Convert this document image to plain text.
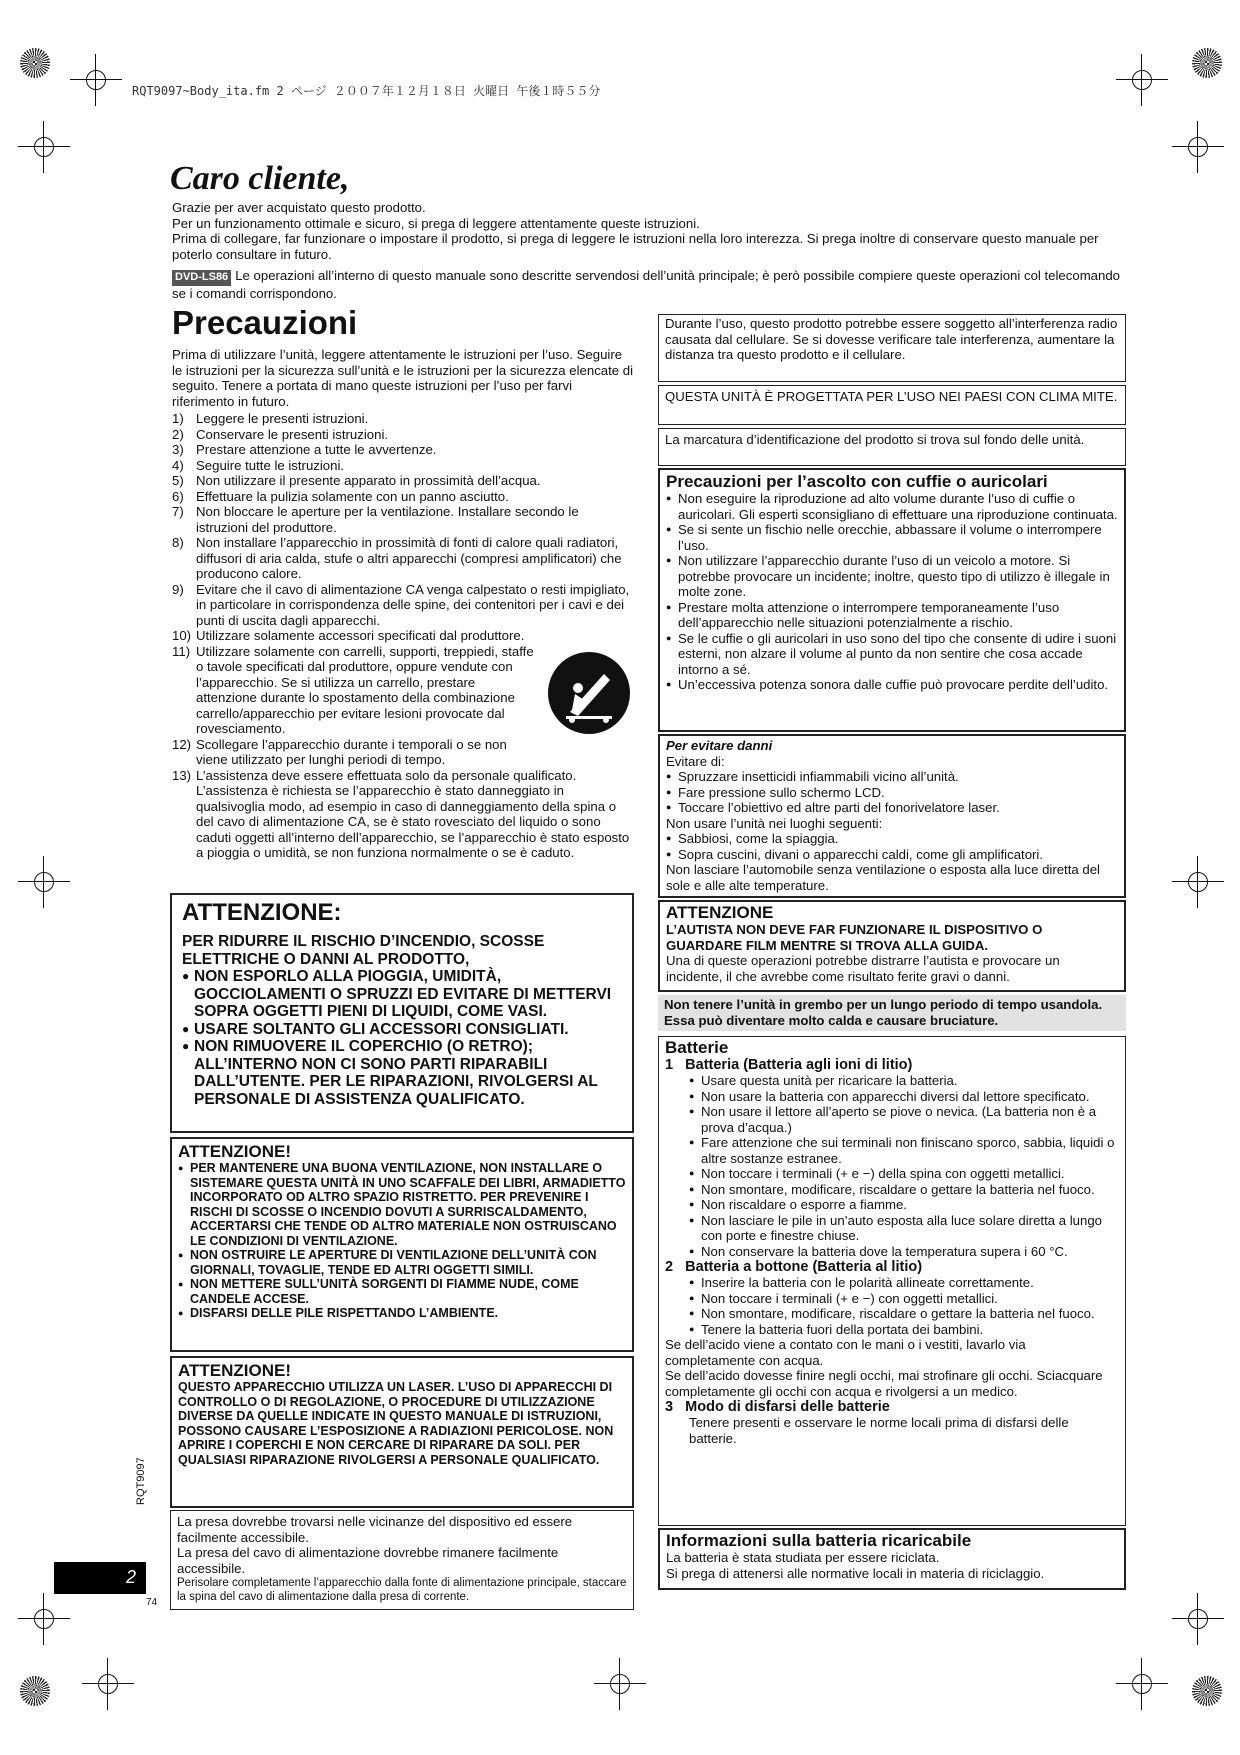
RQT9097~Body_ita.fm 2 ページ ２００７年１２月１８日 火曜日 午後１時５５分
Caro cliente,
Grazie per aver acquistato questo prodotto.
Per un funzionamento ottimale e sicuro, si prega di leggere attentamente queste istruzioni.
Prima di collegare, far funzionare o impostare il prodotto, si prega di leggere le istruzioni nella loro interezza. Si prega inoltre di conservare questo manuale per poterlo consultare in futuro.
DVD-LS86 Le operazioni all’interno di questo manuale sono descritte servendosi dell’unità principale; è però possibile compiere queste operazioni col telecomando se i comandi corrispondono.
Precauzioni
Prima di utilizzare l’unità, leggere attentamente le istruzioni per l’uso. Seguire le istruzioni per la sicurezza sull’unità e le istruzioni per la sicurezza elencate di seguito. Tenere a portata di mano queste istruzioni per l’uso per farvi riferimento in futuro.
1) Leggere le presenti istruzioni.
2) Conservare le presenti istruzioni.
3) Prestare attenzione a tutte le avvertenze.
4) Seguire tutte le istruzioni.
5) Non utilizzare il presente apparato in prossimità dell’acqua.
6) Effettuare la pulizia solamente con un panno asciutto.
7) Non bloccare le aperture per la ventilazione. Installare secondo le istruzioni del produttore.
8) Non installare l’apparecchio in prossimità di fonti di calore quali radiatori, diffusori di aria calda, stufe o altri apparecchi (compresi amplificatori) che producono calore.
9) Evitare che il cavo di alimentazione CA venga calpestato o resti impigliato, in particolare in corrispondenza delle spine, dei contenitori per i cavi e dei punti di uscita dagli apparecchi.
10) Utilizzare solamente accessori specificati dal produttore.
11) Utilizzare solamente con carrelli, supporti, treppiedi, staffe o tavole specificati dal produttore, oppure vendute con l’apparecchio. Se si utilizza un carrello, prestare attenzione durante lo spostamento della combinazione carrello/apparecchio per evitare lesioni provocate dal rovesciamento.
12) Scollegare l’apparecchio durante i temporali o se non viene utilizzato per lunghi periodi di tempo.
13) L’assistenza deve essere effettuata solo da personale qualificato. L’assistenza è richiesta se l’apparecchio è stato danneggiato in qualsivoglia modo, ad esempio in caso di danneggiamento della spina o del cavo di alimentazione CA, se è stato rovesciato del liquido o sono caduti oggetti all’interno dell’apparecchio, se l’apparecchio è stato esposto a pioggia o umidità, se non funziona normalmente o se è caduto.
ATTENZIONE:
PER RIDURRE IL RISCHIO D’INCENDIO, SCOSSE ELETTRICHE O DANNI AL PRODOTTO,
● NON ESPORLO ALLA PIOGGIA, UMIDITÀ, GOCCIOLAMENTI O SPRUZZI ED EVITARE DI METTERVI SOPRA OGGETTI PIENI DI LIQUIDI, COME VASI.
● USARE SOLTANTO GLI ACCESSORI CONSIGLIATI.
● NON RIMUOVERE IL COPERCHIO (O RETRO); ALL’INTERNO NON CI SONO PARTI RIPARABILI DALL’UTENTE. PER LE RIPARAZIONI, RIVOLGERSI AL PERSONALE DI ASSISTENZA QUALIFICATO.
ATTENZIONE!
● PER MANTENERE UNA BUONA VENTILAZIONE, NON INSTALLARE O SISTEMARE QUESTA UNITÀ IN UNO SCAFFALE DEI LIBRI, ARMADIETTO INCORPORATO OD ALTRO SPAZIO RISTRETTO. PER PREVENIRE I RISCHI DI SCOSSE O INCENDIO DOVUTI A SURRISCALDAMENTO, ACCERTARSI CHE TENDE OD ALTRO MATERIALE NON OSTRUISCANO LE CONDIZIONI DI VENTILAZIONE.
● NON OSTRUIRE LE APERTURE DI VENTILAZIONE DELL’UNITÀ CON GIORNALI, TOVAGLIE, TENDE ED ALTRI OGGETTI SIMILI.
● NON METTERE SULL’UNITÀ SORGENTI DI FIAMME NUDE, COME CANDELE ACCESE.
● DISFARSI DELLE PILE RISPETTANDO L’AMBIENTE.
ATTENZIONE!
QUESTO APPARECCHIO UTILIZZA UN LASER. L’USO DI APPARECCHI DI CONTROLLO O DI REGOLAZIONE, O PROCEDURE DI UTILIZZAZIONE DIVERSE DA QUELLE INDICATE IN QUESTO MANUALE DI ISTRUZIONI, POSSONO CAUSARE L’ESPOSIZIONE A RADIAZIONI PERICOLOSE. NON APRIRE I COPERCHI E NON CERCARE DI RIPARARE DA SOLI. PER QUALSIASI RIPARAZIONE RIVOLGERSI A PERSONALE QUALIFICATO.
La presa dovrebbe trovarsi nelle vicinanze del dispositivo ed essere facilmente accessibile.
La presa del cavo di alimentazione dovrebbe rimanere facilmente accessibile.
Perisolare completamente l’apparecchio dalla fonte di alimentazione principale, staccare la spina del cavo di alimentazione dalla presa di corrente.
RQT9097
2
74
Durante l’uso, questo prodotto potrebbe essere soggetto all’interferenza radio causata dal cellulare. Se si dovesse verificare tale interferenza, aumentare la distanza tra questo prodotto e il cellulare.
QUESTA UNITÀ È PROGETTATA PER L’USO NEI PAESI CON CLIMA MITE.
La marcatura d’identificazione del prodotto si trova sul fondo delle unità.
Precauzioni per l’ascolto con cuffie o auricolari
● Non eseguire la riproduzione ad alto volume durante l’uso di cuffie o auricolari. Gli esperti sconsigliano di effettuare una riproduzione continuata.
● Se si sente un fischio nelle orecchie, abbassare il volume o interrompere l’uso.
● Non utilizzare l’apparecchio durante l’uso di un veicolo a motore. Si potrebbe provocare un incidente; inoltre, questo tipo di utilizzo è illegale in molte zone.
● Prestare molta attenzione o interrompere temporaneamente l’uso dell’apparecchio nelle situazioni potenzialmente a rischio.
● Se le cuffie o gli auricolari in uso sono del tipo che consente di udire i suoni esterni, non alzare il volume al punto da non sentire che cosa accade intorno a sé.
● Un’eccessiva potenza sonora dalle cuffie può provocare perdite dell’udito.
Per evitare danni
Evitare di:
● Spruzzare insetticidi infiammabili vicino all’unità.
● Fare pressione sullo schermo LCD.
● Toccare l’obiettivo ed altre parti del fonorivelatore laser.
Non usare l’unità nei luoghi seguenti:
● Sabbiosi, come la spiaggia.
● Sopra cuscini, divani o apparecchi caldi, come gli amplificatori.
Non lasciare l’automobile senza ventilazione o esposta alla luce diretta del sole e alle alte temperature.
ATTENZIONE
L’AUTISTA NON DEVE FAR FUNZIONARE IL DISPOSITIVO O GUARDARE FILM MENTRE SI TROVA ALLA GUIDA.
Una di queste operazioni potrebbe distrarre l’autista e provocare un incidente, il che avrebbe come risultato ferite gravi o danni.
Non tenere l’unità in grembo per un lungo periodo di tempo usandola. Essa può diventare molto calda e causare bruciature.
Batterie
1 Batteria (Batteria agli ioni di litio)
● Usare questa unità per ricaricare la batteria.
● Non usare la batteria con apparecchi diversi dal lettore specificato.
● Non usare il lettore all’aperto se piove o nevica. (La batteria non è a prova d’acqua.)
● Fare attenzione che sui terminali non finiscano sporco, sabbia, liquidi o altre sostanze estranee.
● Non toccare i terminali (+ e −) della spina con oggetti metallici.
● Non smontare, modificare, riscaldare o gettare la batteria nel fuoco.
● Non riscaldare o esporre a fiamme.
● Non lasciare le pile in un’auto esposta alla luce solare diretta a lungo con porte e finestre chiuse.
● Non conservare la batteria dove la temperatura supera i 60 °C.
2 Batteria a bottone (Batteria al litio)
● Inserire la batteria con le polarità allineate correttamente.
● Non toccare i terminali (+ e −) con oggetti metallici.
● Non smontare, modificare, riscaldare o gettare la batteria nel fuoco.
● Tenere la batteria fuori della portata dei bambini.
Se dell’acido viene a contato con le mani o i vestiti, lavarlo via completamente con acqua.
Se dell’acido dovesse finire negli occhi, mai strofinare gli occhi. Sciacquare completamente gli occhi con acqua e rivolgersi a un medico.
3 Modo di disfarsi delle batterie
Tenere presenti e osservare le norme locali prima di disfarsi delle batterie.
Informazioni sulla batteria ricaricabile
La batteria è stata studiata per essere riciclata.
Si prega di attenersi alle normative locali in materia di riciclaggio.
